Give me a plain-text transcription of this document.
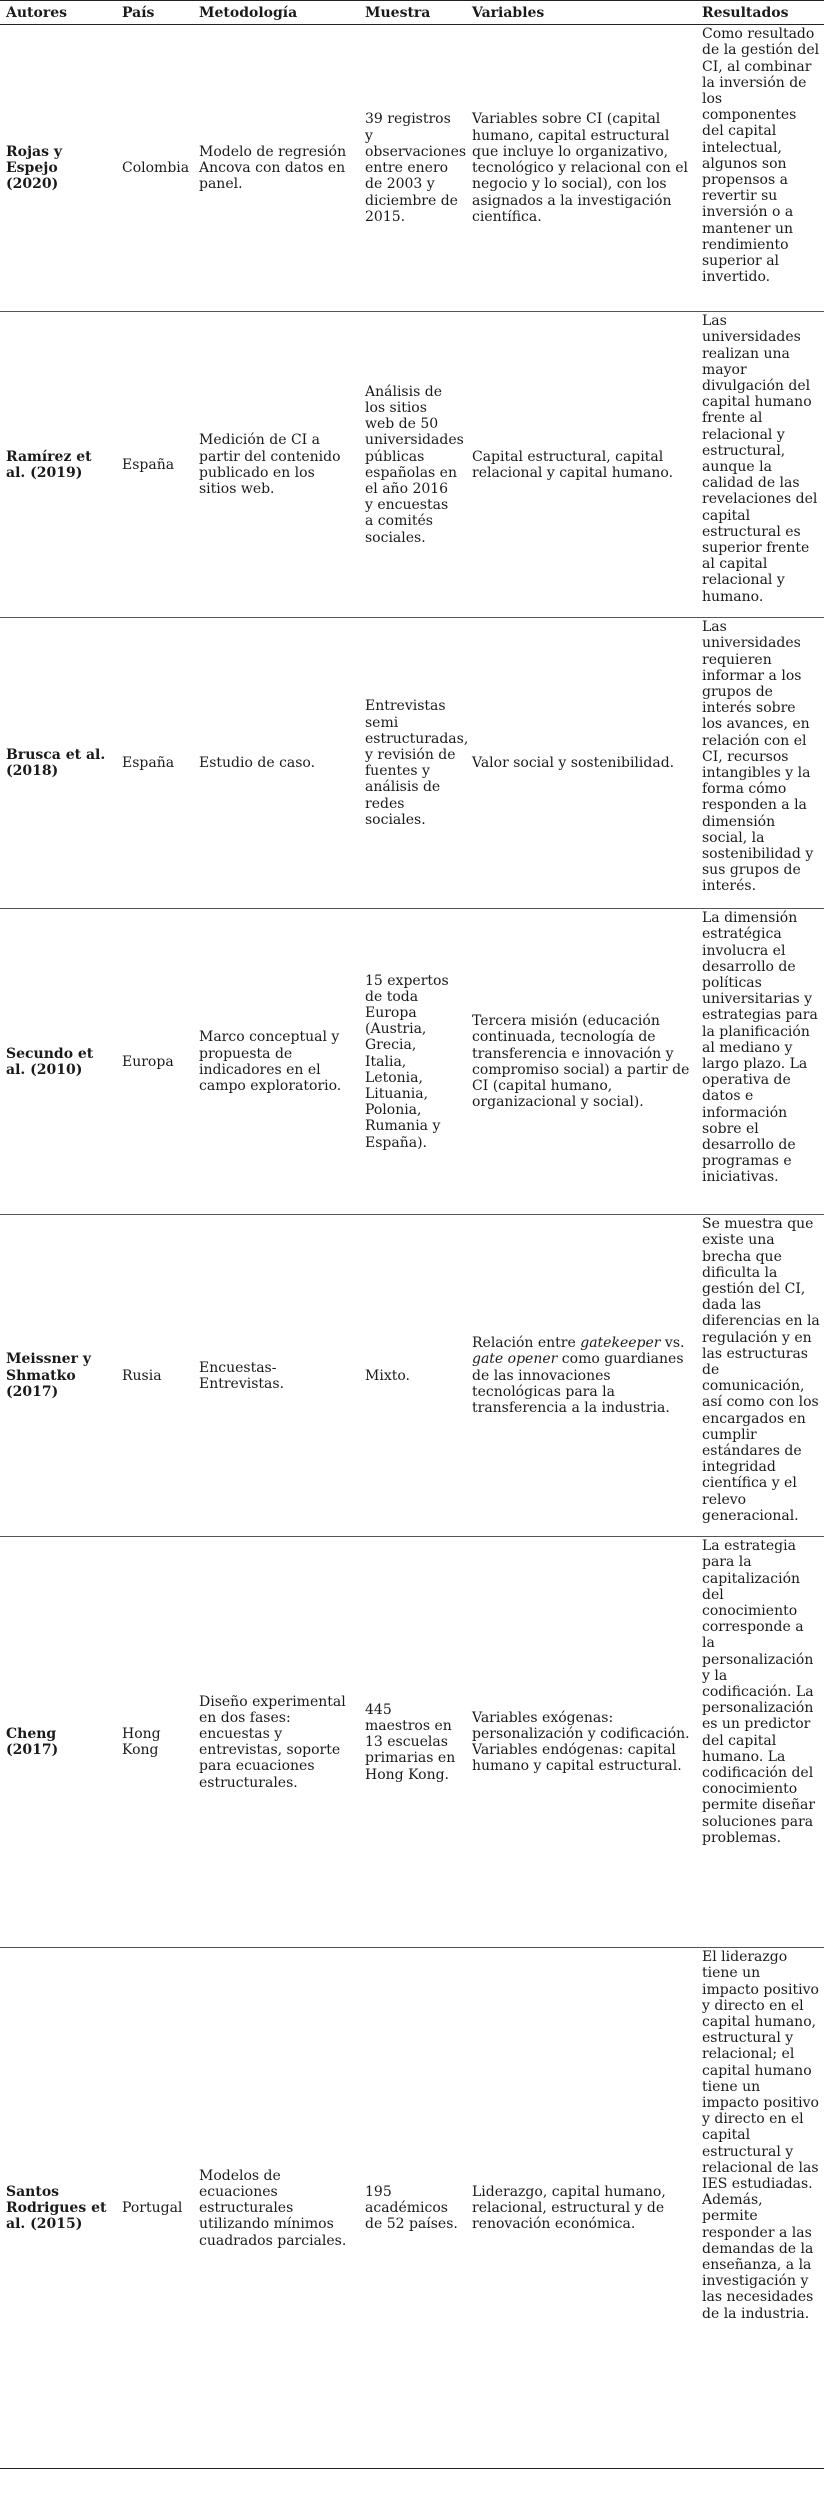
Autores	País	Metodología	Muestra	Variables	Resultados
Rojas y Espejo (2020)	Colombia	Modelo de regresión Ancova con datos en panel.	39 registros y observaciones entre enero de 2003 y diciembre de 2015.	Variables sobre CI (capital humano, capital estructural que incluye lo organizativo, tecnológico y relacional con el negocio y lo social), con los asignados a la investigación científica.	Como resultado de la gestión del CI, al combinar la inversión de los componentes del capital intelectual, algunos son propensos a revertir su inversión o a mantener un rendimiento superior al invertido.
Ramírez et al. (2019)	España	Medición de CI a partir del contenido publicado en los sitios web.	Análisis de los sitios web de 50 universidades públicas españolas en el año 2016 y encuestas a comités sociales.	Capital estructural, capital relacional y capital humano.	Las universidades realizan una mayor divulgación del capital humano frente al relacional y estructural, aunque la calidad de las revelaciones del capital estructural es superior frente al capital relacional y humano.
Brusca et al. (2018)	España	Estudio de caso.	Entrevistas semi estructuradas, y revisión de fuentes y análisis de redes sociales.	Valor social y sostenibilidad.	Las universidades requieren informar a los grupos de interés sobre los avances, en relación con el CI, recursos intangibles y la forma cómo responden a la dimensión social, la sostenibilidad y sus grupos de interés.
Secundo et al. (2010)	Europa	Marco conceptual y propuesta de indicadores en el campo exploratorio.	15 expertos de toda Europa (Austria, Grecia, Italia, Letonia, Lituania, Polonia, Rumania y España).	Tercera misión (educación continuada, tecnología de transferencia e innovación y compromiso social) a partir de CI (capital humano, organizacional y social).	La dimensión estratégica involucra el desarrollo de políticas universitarias y estrategias para la planificación al mediano y largo plazo. La operativa de datos e información sobre el desarrollo de programas e iniciativas.
Meissner y Shmatko (2017)	Rusia	Encuestas-Entrevistas.	Mixto.	Relación entre gatekeeper vs. gate opener como guardianes de las innovaciones tecnológicas para la transferencia a la industria.	Se muestra que existe una brecha que dificulta la gestión del CI, dada las diferencias en la regulación y en las estructuras de comunicación, así como con los encargados en cumplir estándares de integridad científica y el relevo generacional.
Cheng (2017)	Hong Kong	Diseño experimental en dos fases: encuestas y entrevistas, soporte para ecuaciones estructurales.	445 maestros en 13 escuelas primarias en Hong Kong.	Variables exógenas: personalización y codificación. Variables endógenas: capital humano y capital estructural.	La estrategia para la capitalización del conocimiento corresponde a la personalización y la codificación. La personalización es un predictor del capital humano. La codificación del conocimiento permite diseñar soluciones para problemas.
Santos Rodrigues et al. (2015)	Portugal	Modelos de ecuaciones estructurales utilizando mínimos cuadrados parciales.	195 académicos de 52 países.	Liderazgo, capital humano, relacional, estructural y de renovación económica.	El liderazgo tiene un impacto positivo y directo en el capital humano, estructural y relacional; el capital humano tiene un impacto positivo y directo en el capital estructural y relacional de las IES estudiadas. Además, permite responder a las demandas de la enseñanza, a la investigación y las necesidades de la industria.
